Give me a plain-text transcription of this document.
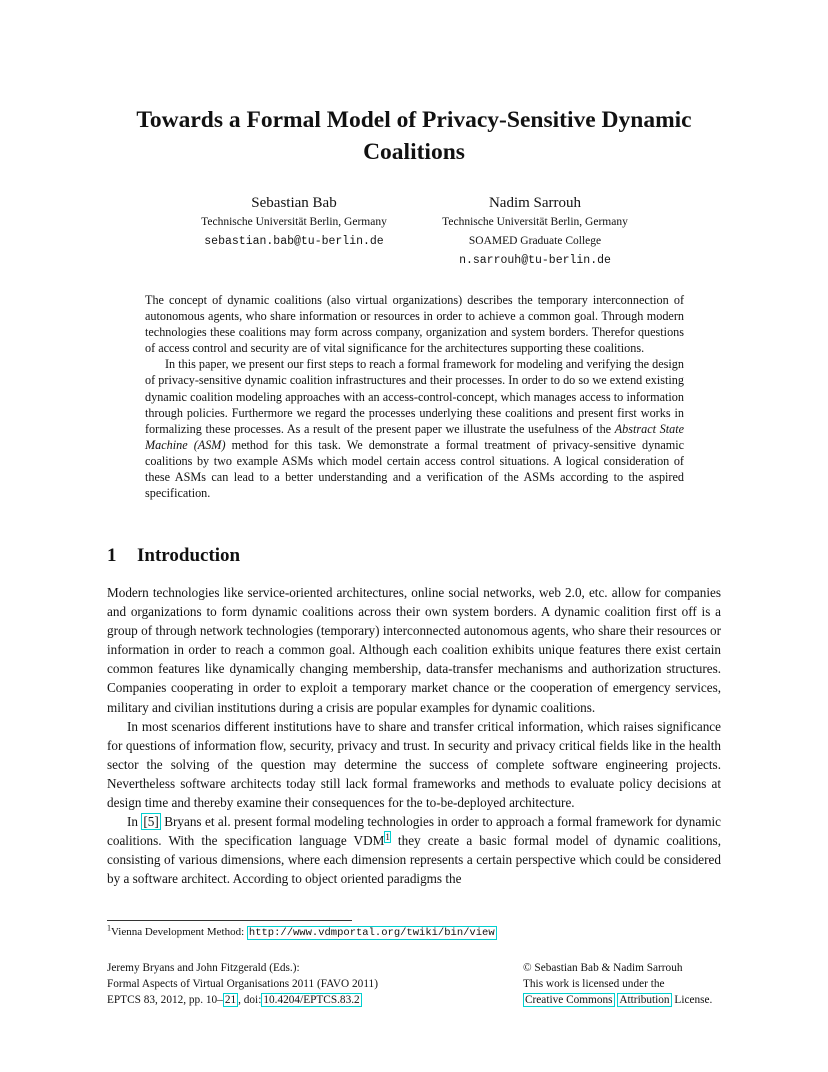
Towards a Formal Model of Privacy-Sensitive Dynamic Coalitions
Sebastian Bab
Technische Universität Berlin, Germany
sebastian.bab@tu-berlin.de
Nadim Sarrouh
Technische Universität Berlin, Germany
SOAMED Graduate College
n.sarrouh@tu-berlin.de

The concept of dynamic coalitions (also virtual organizations) describes the temporary interconnection of autonomous agents, who share information or resources in order to achieve a common goal. Through modern technologies these coalitions may form across company, organization and system borders. Therefor questions of access control and security are of vital significance for the architectures supporting these coalitions.

In this paper, we present our first steps to reach a formal framework for modeling and verifying the design of privacy-sensitive dynamic coalition infrastructures and their processes. In order to do so we extend existing dynamic coalition modeling approaches with an access-control-concept, which manages access to information through policies. Furthermore we regard the processes underlying these coalitions and present first works in formalizing these processes. As a result of the present paper we illustrate the usefulness of the Abstract State Machine (ASM) method for this task. We demonstrate a formal treatment of privacy-sensitive dynamic coalitions by two example ASMs which model certain access control situations. A logical consideration of these ASMs can lead to a better understanding and a verification of the ASMs according to the aspired specification.

1 Introduction

Modern technologies like service-oriented architectures, online social networks, web 2.0, etc. allow for companies and organizations to form dynamic coalitions across their own system borders. A dynamic coalition first off is a group of through network technologies (temporary) interconnected autonomous agents, who share their resources or information in order to reach a common goal. Although each coalition exhibits unique features there exist certain common features like dynamically changing membership, data-transfer mechanisms and authorization structures. Companies cooperating in order to exploit a temporary market chance or the cooperation of emergency services, military and civilian institutions during a crisis are popular examples for dynamic coalitions.

In most scenarios different institutions have to share and transfer critical information, which raises significance for questions of information flow, security, privacy and trust. In security and privacy critical fields like in the health sector the solving of the question may determine the success of complete software engineering projects. Nevertheless software architects today still lack formal frameworks and methods to evaluate policy decisions at design time and thereby examine their consequences for the to-be-deployed architecture.

In [5] Bryans et al. present formal modeling technologies in order to approach a formal framework for dynamic coalitions. With the specification language VDM$^1$ they create a basic formal model of dynamic coalitions, consisting of various dimensions, where each dimension represents a certain perspective which could be considered by a software architect. According to object oriented paradigms the

$^1$Vienna Development Method: http://www.vdmportal.org/twiki/bin/view
Jeremy Bryans and John Fitzgerald (Eds.):
Formal Aspects of Virtual Organisations 2011 (FAVO 2011)
EPTCS 83, 2012, pp. 10– 21 , doi: 10.4204/EPTCS.83.2
© Sebastian Bab & Nadim Sarrouh
This work is licensed under the
Creative Commons Attribution License.
